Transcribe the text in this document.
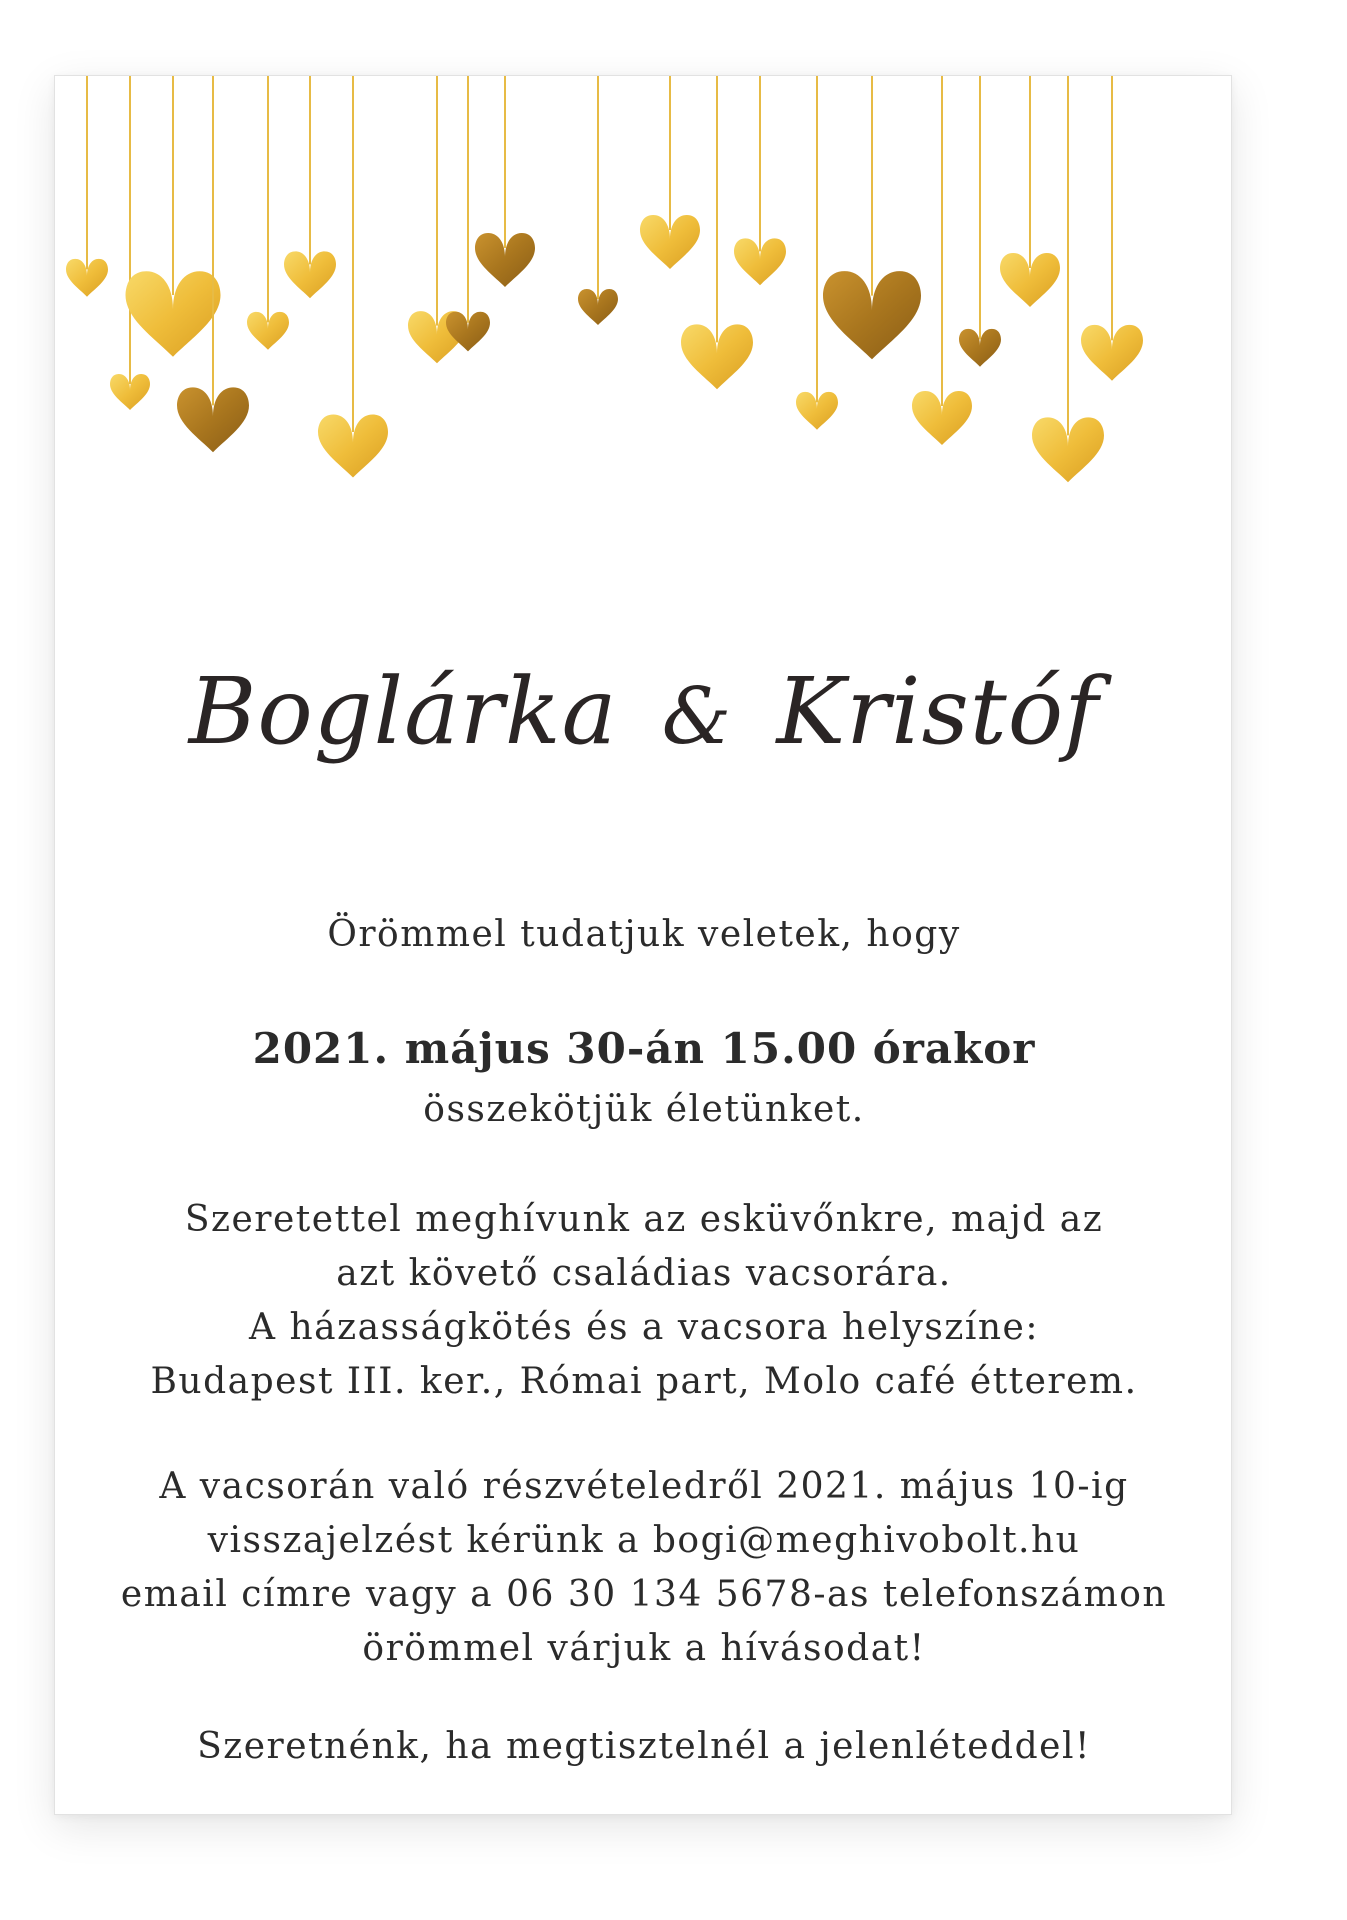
Boglárka & Kristóf
Örömmel tudatjuk veletek, hogy
2021. május 30-án 15.00 órakor
összekötjük életünket.
Szeretettel meghívunk az esküvőnkre, majd az
azt követő családias vacsorára.
A házasságkötés és a vacsora helyszíne:
Budapest III. ker., Római part, Molo café étterem.
A vacsorán való részvételedről 2021. május 10-ig
visszajelzést kérünk a bogi@meghivobolt.hu
email címre vagy a 06 30 134 5678-as telefonszámon
örömmel várjuk a hívásodat!
Szeretnénk, ha megtisztelnél a jelenléteddel!
